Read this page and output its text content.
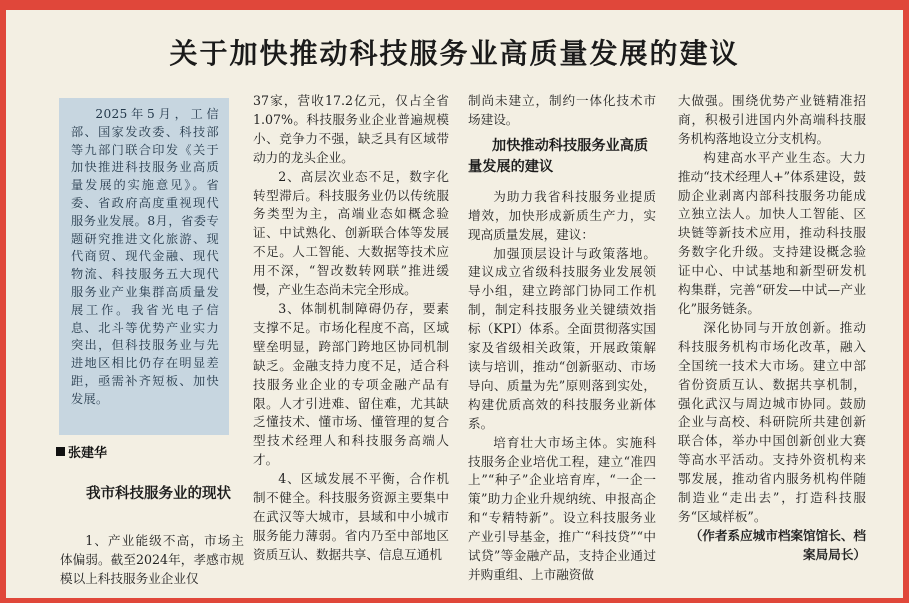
关于加快推动科技服务业高质量发展的建议

2025年5月，工信部、国家发改委、科技部等九部门联合印发《关于加快推进科技服务业高质量发展的实施意见》。省委、省政府高度重视现代服务业发展。8月，省委专题研究推进文化旅游、现代商贸、现代金融、现代物流、科技服务五大现代服务业产业集群高质量发展工作。我省光电子信息、北斗等优势产业实力突出，但科技服务业与先进地区相比仍存在明显差距，亟需补齐短板、加快发展。

张建华
我市科技服务业的现状

1、产业能级不高，市场主体偏弱。截至2024年，孝感市规模以上科技服务业企业仅

37家，营收17.2亿元，仅占全省1.07%。科技服务业企业普遍规模小、竞争力不强，缺乏具有区域带动力的龙头企业。

2、高层次业态不足，数字化转型滞后。科技服务业仍以传统服务类型为主，高端业态如概念验证、中试熟化、创新联合体等发展不足。人工智能、大数据等技术应用不深，“智改数转网联”推进缓慢，产业生态尚未完全形成。

3、体制机制障碍仍存，要素支撑不足。市场化程度不高，区域壁垒明显，跨部门跨地区协同机制缺乏。金融支持力度不足，适合科技服务业企业的专项金融产品有限。人才引进难、留住难，尤其缺乏懂技术、懂市场、懂管理的复合型技术经理人和科技服务高端人才。

4、区域发展不平衡，合作机制不健全。科技服务资源主要集中在武汉等大城市，县域和中小城市服务能力薄弱。省内乃至中部地区资质互认、数据共享、信息互通机

制尚未建立，制约一体化技术市场建设。

加快推动科技服务业高质量发展的建议

为助力我省科技服务业提质增效，加快形成新质生产力，实现高质量发展，建议：

加强顶层设计与政策落地。建议成立省级科技服务业发展领导小组，建立跨部门协同工作机制，制定科技服务业关键绩效指标（KPI）体系。全面贯彻落实国家及省级相关政策，开展政策解读与培训，推动“创新驱动、市场导向、质量为先”原则落到实处，构建优质高效的科技服务业新体系。

培育壮大市场主体。实施科技服务企业培优工程，建立“准四上”“种子”企业培育库，“一企一策”助力企业升规纳统、申报高企和“专精特新”。设立科技服务业产业引导基金，推广“科技贷”“中试贷”等金融产品，支持企业通过并购重组、上市融资做

大做强。围绕优势产业链精准招商，积极引进国内外高端科技服务机构落地设立分支机构。

构建高水平产业生态。大力推动“技术经理人+”体系建设，鼓励企业剥离内部科技服务功能成立独立法人。加快人工智能、区块链等新技术应用，推动科技服务数字化升级。支持建设概念验证中心、中试基地和新型研发机构集群，完善“研发—中试—产业化”服务链条。

深化协同与开放创新。推动科技服务机构市场化改革，融入全国统一技术大市场。建立中部省份资质互认、数据共享机制，强化武汉与周边城市协同。鼓励企业与高校、科研院所共建创新联合体，举办中国创新创业大赛等高水平活动。支持外资机构来鄂发展，推动省内服务机构伴随制造业“走出去”，打造科技服务“区域样板”。

（作者系应城市档案馆馆长、档案局局长）
